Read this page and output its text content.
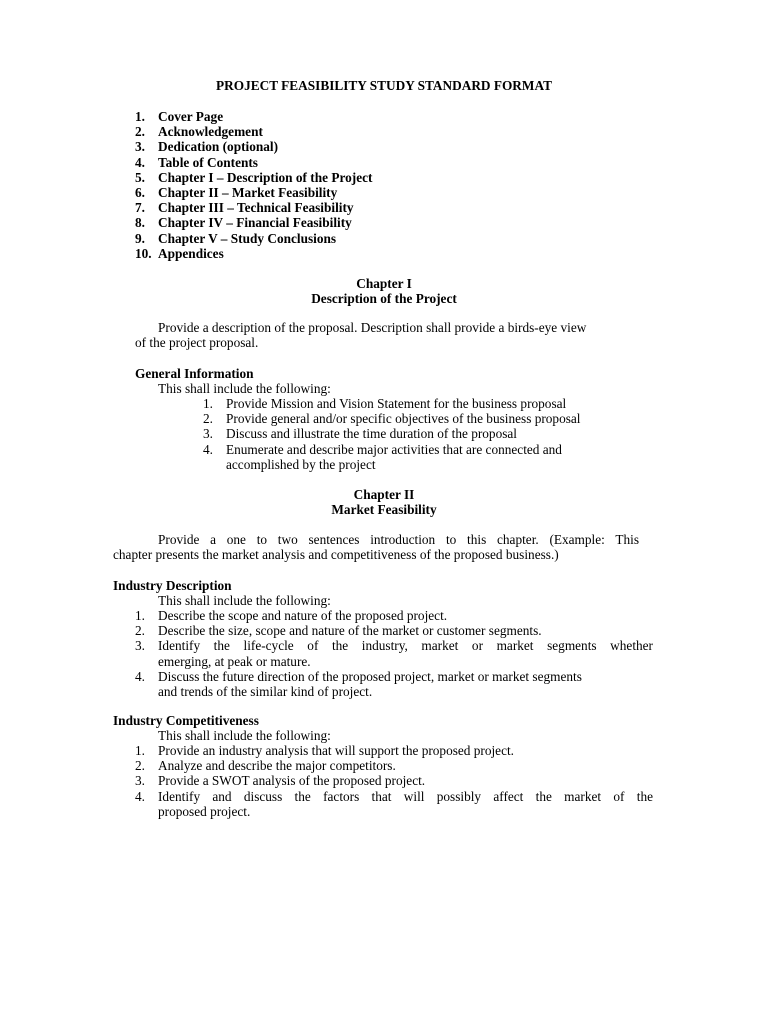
PROJECT FEASIBILITY STUDY STANDARD FORMAT
1. Cover Page
2. Acknowledgement
3. Dedication (optional)
4. Table of Contents
5. Chapter I – Description of the Project
6. Chapter II – Market Feasibility
7. Chapter III – Technical Feasibility
8. Chapter IV – Financial Feasibility
9. Chapter V – Study Conclusions
10. Appendices
Chapter I
Description of the Project
Provide a description of the proposal. Description shall provide a birds-eye view
of the project proposal.
General Information
This shall include the following:
1. Provide Mission and Vision Statement for the business proposal
2. Provide general and/or specific objectives of the business proposal
3. Discuss and illustrate the time duration of the proposal
4. Enumerate and describe major activities that are connected and
accomplished by the project
Chapter II
Market Feasibility
Provide a one to two sentences introduction to this chapter. (Example: This
chapter presents the market analysis and competitiveness of the proposed business.)
Industry Description
This shall include the following:
1. Describe the scope and nature of the proposed project.
2. Describe the size, scope and nature of the market or customer segments.
3. Identify the life-cycle of the industry, market or market segments whether
emerging, at peak or mature.
4. Discuss the future direction of the proposed project, market or market segments
and trends of the similar kind of project.
Industry Competitiveness
This shall include the following:
1. Provide an industry analysis that will support the proposed project.
2. Analyze and describe the major competitors.
3. Provide a SWOT analysis of the proposed project.
4. Identify and discuss the factors that will possibly affect the market of the
proposed project.
